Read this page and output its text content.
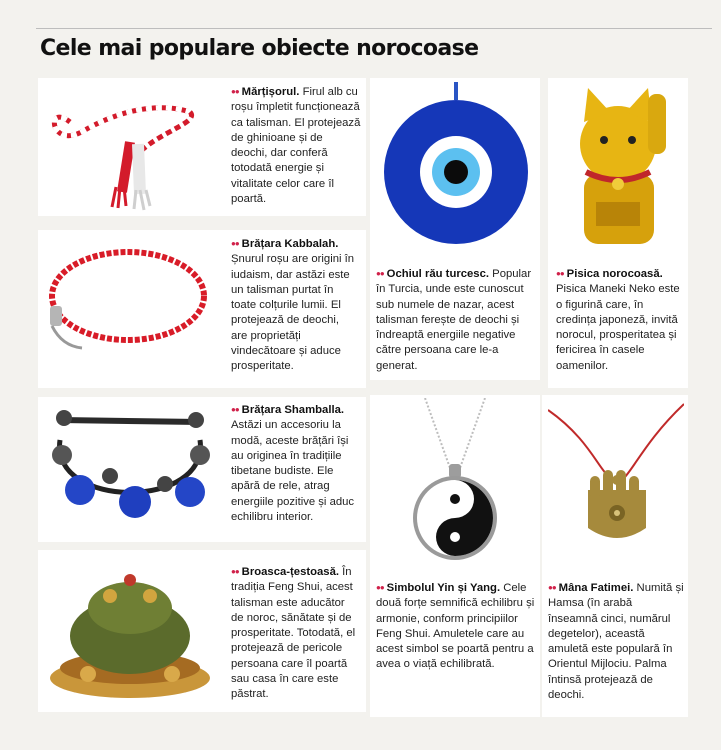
Cele mai populare obiecte norocoase
●● Mărțișorul. Firul alb cu roșu împletit funcționează ca talisman. El protejează de ghinioane și de deochi, dar conferă totodată energie și vitalitate celor care îl poartă.
●● Brățara Kabbalah. Șnurul roșu are origini în iudaism, dar astăzi este un talisman purtat în toate colțurile lumii. El protejează de deochi, are proprietăți vindecătoare și aduce prosperitate.
●● Brățara Shamballa. Astăzi un accesoriu la modă, aceste brățări își au originea în tradițiile tibetane budiste. Ele apără de rele, atrag energiile pozitive și aduc echilibru interior.
●● Broasca-țestoasă. În tradiția Feng Shui, acest talisman este aducător de noroc, sănătate și de prosperitate. Totodată, el protejează de pericole persoana care îl poartă sau casa în care este păstrat.
●● Ochiul rău turcesc. Popular în Turcia, unde este cunoscut sub numele de nazar, acest talisman ferește de deochi și îndreaptă energiile negative către persoana care le-a generat.
●● Pisica norocoasă. Pisica Maneki Neko este o figurină care, în credința japoneză, invită norocul, prosperitatea și fericirea în casele oamenilor.
●● Simbolul Yin și Yang. Cele două forțe semnifică echilibru și armonie, conform principiilor Feng Shui. Amuletele care au acest simbol se poartă pentru a avea o viață echilibrată.
●● Mâna Fatimei. Numită și Hamsa (în arabă înseamnă cinci, numărul degetelor), această amuletă este populară în Orientul Mijlociu. Palma întinsă protejează de deochi.
